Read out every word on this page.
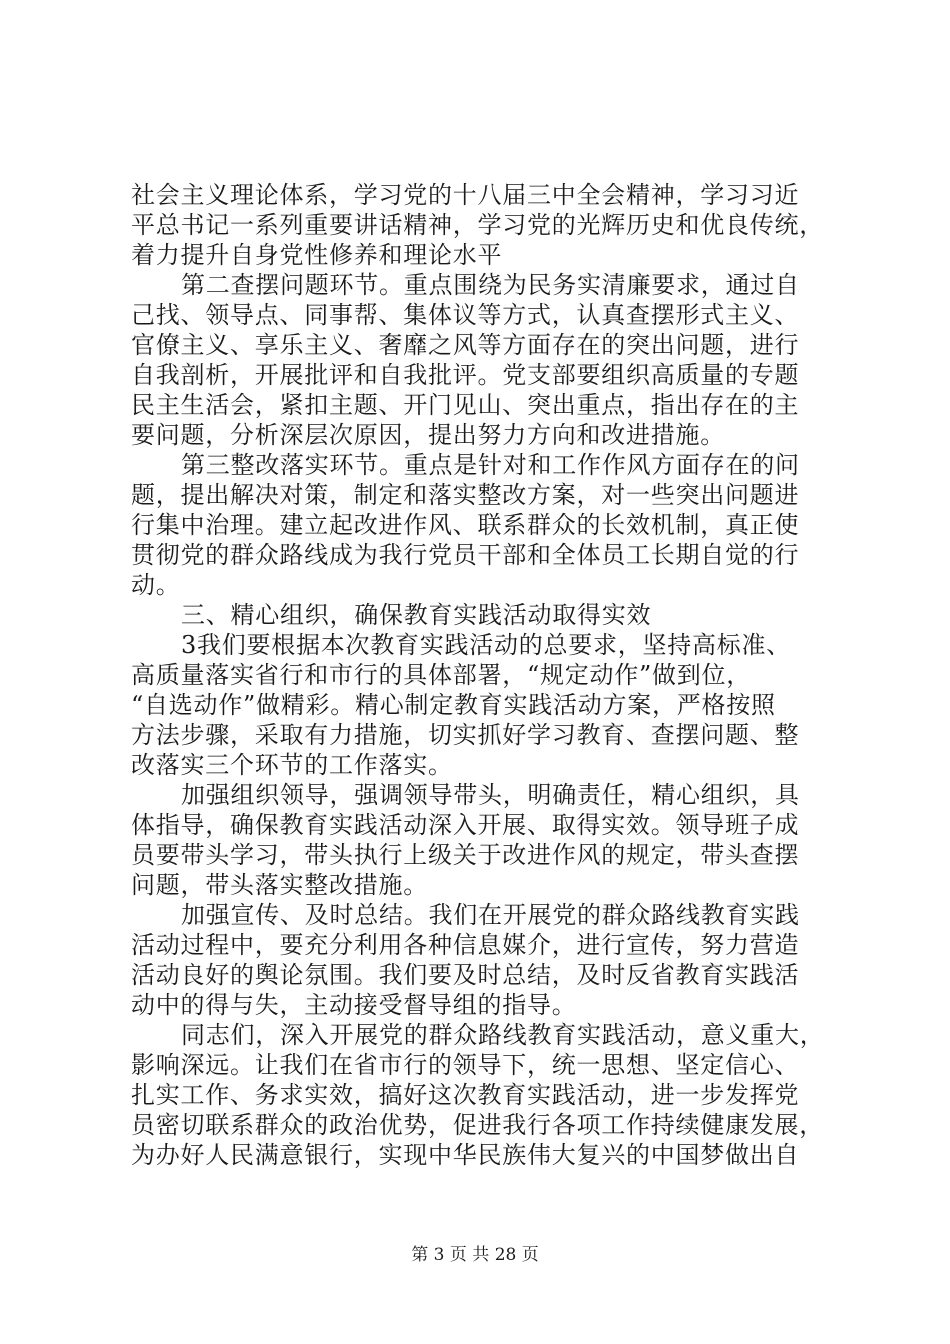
社会主义理论体系，学习党的十八届三中全会精神，学习习近
平总书记一系列重要讲话精神，学习党的光辉历史和优良传统，
着力提升自身党性修养和理论水平
第二查摆问题环节。重点围绕为民务实清廉要求，通过自
己找、领导点、同事帮、集体议等方式，认真查摆形式主义、
官僚主义、享乐主义、奢靡之风等方面存在的突出问题，进行
自我剖析，开展批评和自我批评。党支部要组织高质量的专题
民主生活会，紧扣主题、开门见山、突出重点，指出存在的主
要问题，分析深层次原因，提出努力方向和改进措施。
第三整改落实环节。重点是针对和工作作风方面存在的问
题，提出解决对策，制定和落实整改方案，对一些突出问题进
行集中治理。建立起改进作风、联系群众的长效机制，真正使
贯彻党的群众路线成为我行党员干部和全体员工长期自觉的行
动。
三、精心组织，确保教育实践活动取得实效
3我们要根据本次教育实践活动的总要求，坚持高标准、
高质量落实省行和市行的具体部署，“规定动作”做到位，
“自选动作”做精彩。精心制定教育实践活动方案，严格按照
方法步骤，采取有力措施，切实抓好学习教育、查摆问题、整
改落实三个环节的工作落实。
加强组织领导，强调领导带头，明确责任，精心组织，具
体指导，确保教育实践活动深入开展、取得实效。领导班子成
员要带头学习，带头执行上级关于改进作风的规定，带头查摆
问题，带头落实整改措施。
加强宣传、及时总结。我们在开展党的群众路线教育实践
活动过程中，要充分利用各种信息媒介，进行宣传，努力营造
活动良好的舆论氛围。我们要及时总结，及时反省教育实践活
动中的得与失，主动接受督导组的指导。
同志们，深入开展党的群众路线教育实践活动，意义重大，
影响深远。让我们在省市行的领导下，统一思想、坚定信心、
扎实工作、务求实效，搞好这次教育实践活动，进一步发挥党
员密切联系群众的政治优势，促进我行各项工作持续健康发展，
为办好人民满意银行，实现中华民族伟大复兴的中国梦做出自
第 3 页 共 28 页
